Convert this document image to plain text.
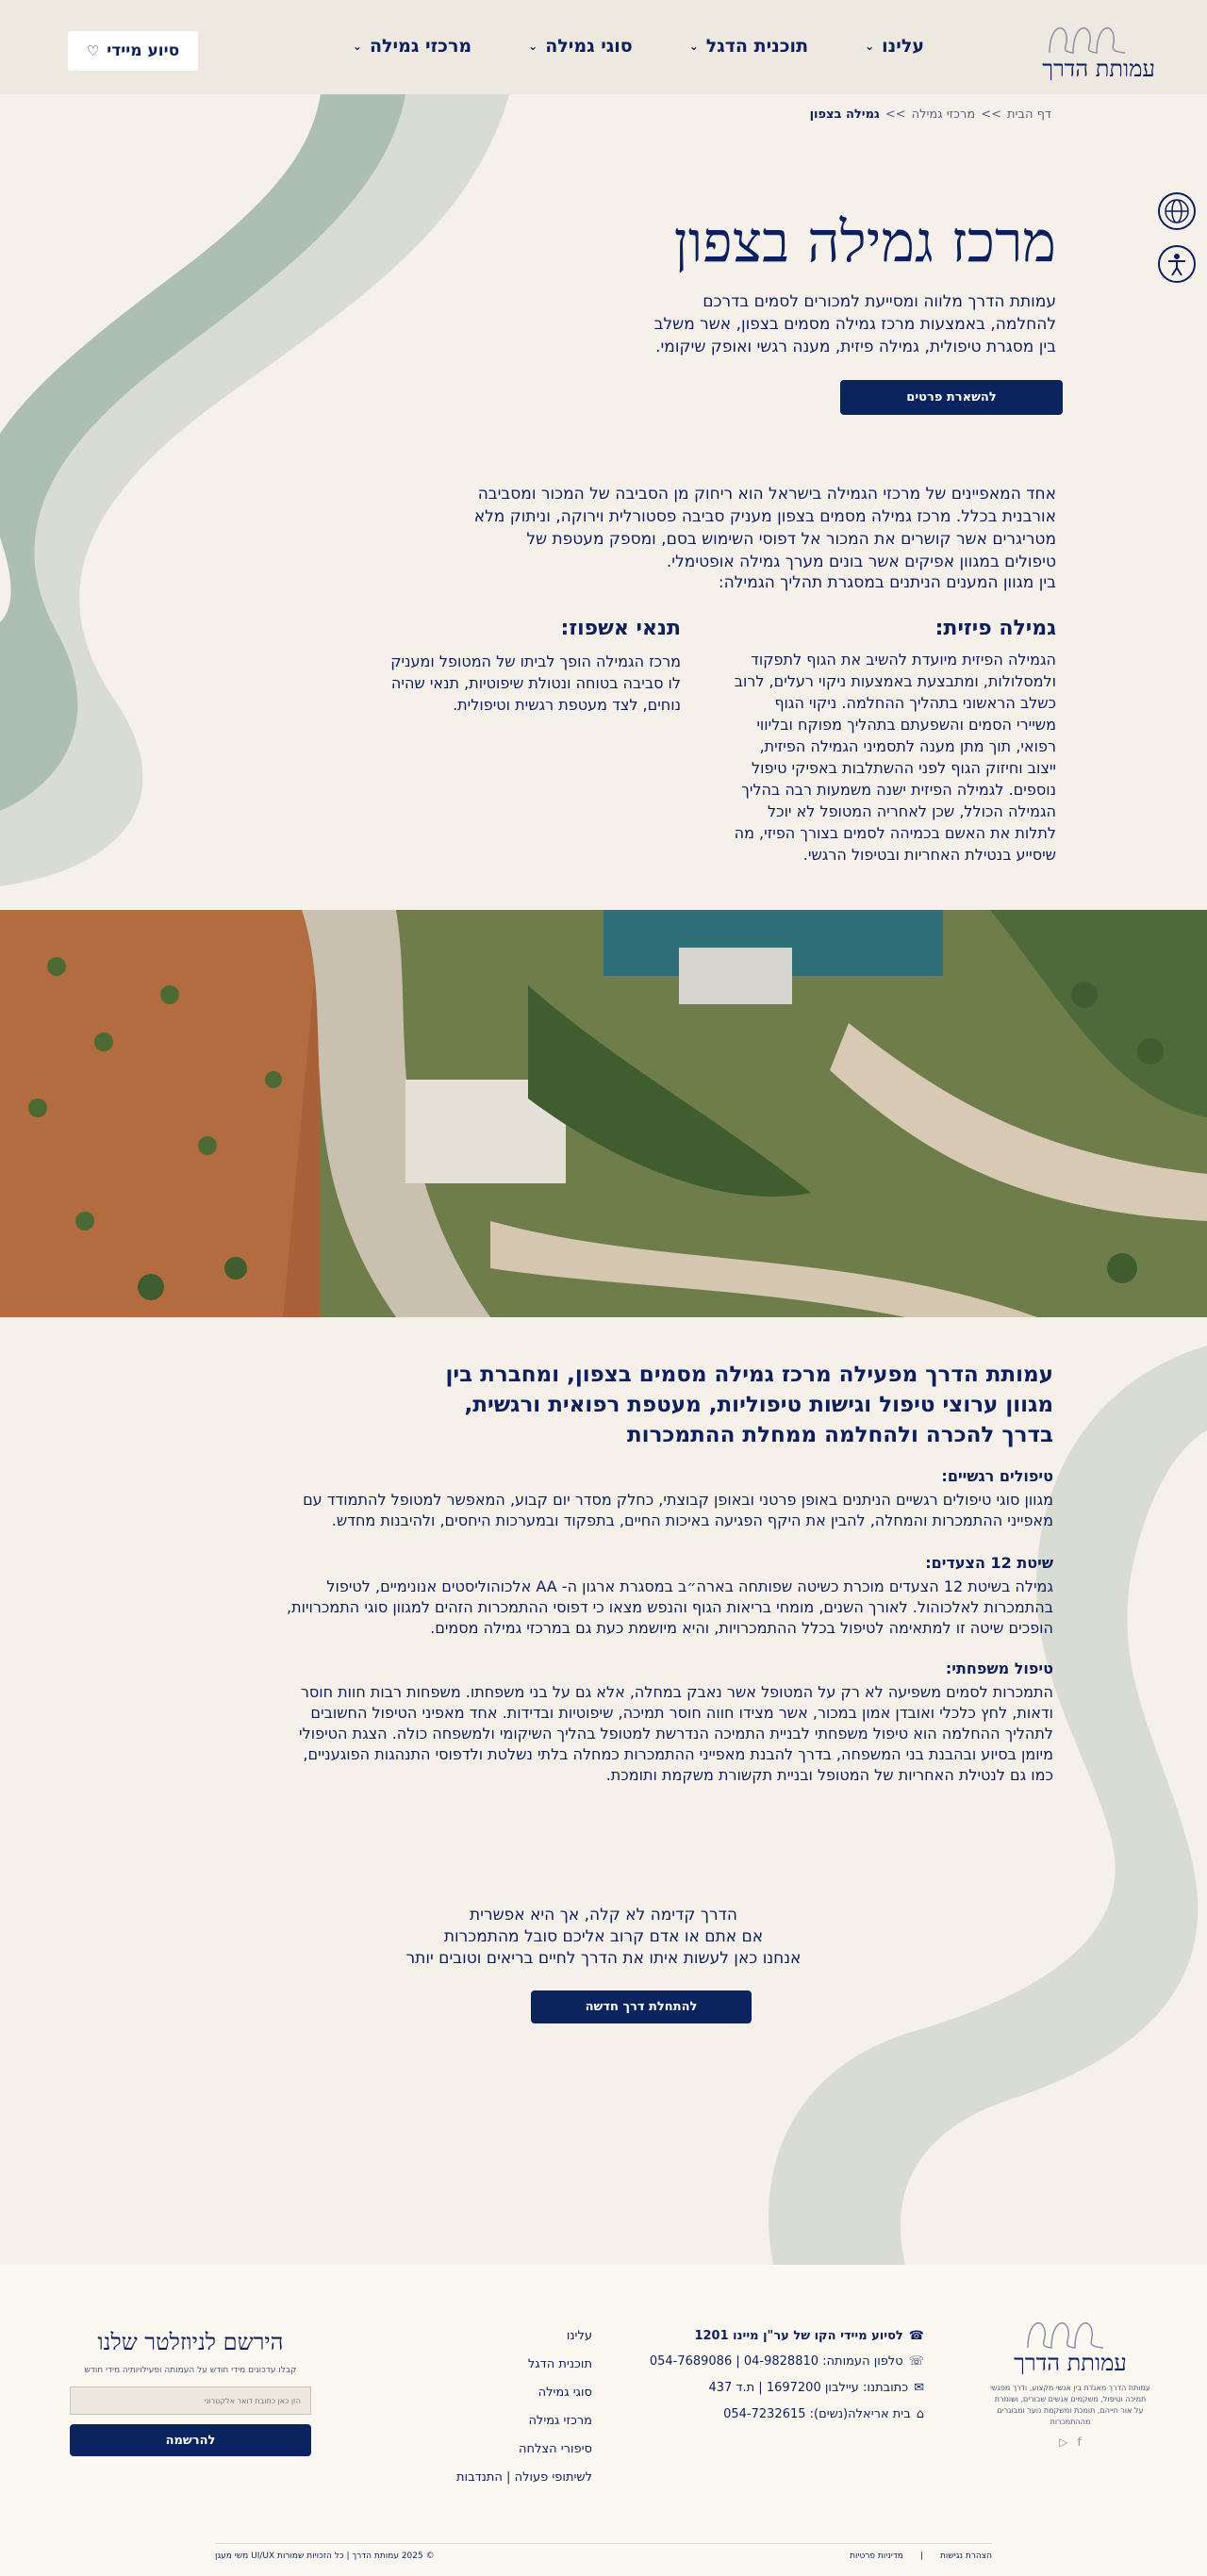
עמותת הדרך
עלינו
⌄
תוכנית הדגל
⌄
סוגי גמילה
⌄
מרכזי גמילה
⌄
סיוע מיידי
♡
דף הבית
>>
מרכזי גמילה
>>
גמילה בצפון
מרכז גמילה בצפון

עמותת הדרך מלווה ומסייעת למכורים לסמים בדרכם להחלמה, באמצעות מרכז גמילה מסמים בצפון, אשר משלב בין מסגרת טיפולית, גמילה פיזית, מענה רגשי ואופק שיקומי.

להשארת פרטים

אחד המאפיינים של מרכזי הגמילה בישראל הוא ריחוק מן הסביבה של המכור ומסביבה אורבנית בכלל. מרכז גמילה מסמים בצפון מעניק סביבה פסטורלית וירוקה, וניתוק מלא מטריגרים אשר קושרים את המכור אל דפוסי השימוש בסם, ומספק מעטפת של טיפולים במגוון אפיקים אשר בונים מערך גמילה אופטימלי.

בין מגוון המענים הניתנים במסגרת תהליך הגמילה:

גמילה פיזית:

הגמילה הפיזית מיועדת להשיב את הגוף לתפקוד ולמסלולות, ומתבצעת באמצעות ניקוי רעלים, לרוב כשלב הראשוני בתהליך ההחלמה. ניקוי הגוף משיירי הסמים והשפעתם בתהליך מפוקח ובליווי רפואי, תוך מתן מענה לתסמיני הגמילה הפיזית, ייצוב וחיזוק הגוף לפני ההשתלבות באפיקי טיפול נוספים. לגמילה הפיזית ישנה משמעות רבה בהליך הגמילה הכולל, שכן לאחריה המטופל לא יוכל לתלות את האשם בכמיהה לסמים בצורך הפיזי, מה שיסייע בנטילת האחריות ובטיפול הרגשי.

תנאי אשפוז:

מרכז הגמילה הופך לביתו של המטופל ומעניק לו סביבה בטוחה ונטולת שיפוטיות, תנאי שהיה נוחים, לצד מעטפת רגשית וטיפולית.

עמותת הדרך מפעילה מרכז גמילה מסמים בצפון, ומחברת בין מגוון ערוצי טיפול וגישות טיפוליות, מעטפת רפואית ורגשית, בדרך להכרה ולהחלמה ממחלת ההתמכרות
טיפולים רגשיים:

מגוון סוגי טיפולים רגשיים הניתנים באופן פרטני ובאופן קבוצתי, כחלק מסדר יום קבוע, המאפשר למטופל להתמודד עם מאפייני ההתמכרות והמחלה, להבין את היקף הפגיעה באיכות החיים, בתפקוד ובמערכות היחסים, ולהיבנות מחדש.

שיטת 12 הצעדים:

גמילה בשיטת 12 הצעדים מוכרת כשיטה שפותחה בארה״ב במסגרת ארגון ה- AA אלכוהוליסטים אנונימיים, לטיפול בהתמכרות לאלכוהול. לאורך השנים, מומחי בריאות הגוף והנפש מצאו כי דפוסי ההתמכרות הזהים למגוון סוגי התמכרויות, הופכים שיטה זו למתאימה לטיפול בכלל ההתמכרויות, והיא מיושמת כעת גם במרכזי גמילה מסמים.

טיפול משפחתי:

התמכרות לסמים משפיעה לא רק על המטופל אשר נאבק במחלה, אלא גם על בני משפחתו. משפחות רבות חוות חוסר ודאות, לחץ כלכלי ואובדן אמון במכור, אשר מצידו חווה חוסר תמיכה, שיפוטיות ובדידות. אחד מאפיני הטיפול החשובים לתהליך ההחלמה הוא טיפול משפחתי לבניית התמיכה הנדרשת למטופל בהליך השיקומי ולמשפחה כולה. הצגת הטיפולי מיומן בסיוע ובהבנת בני המשפחה, בדרך להבנת מאפייני ההתמכרות כמחלה בלתי נשלטת ולדפוסי התנהגות הפוגעניים, כמו גם לנטילת האחריות של המטופל ובניית תקשורת משקמת ותומכת.

הדרך קדימה לא קלה, אך היא אפשרית
אם אתם או אדם קרוב אליכם סובל מהתמכרות
אנחנו כאן לעשות איתו את הדרך לחיים בריאים וטובים יותר
להתחלת דרך חדשה
עמותת הדרך
עמותת הדרך מאגדת בין אנשי מקצוע, ודרך מפגשי תמיכה וטיפול, משקמים אנשים שבורים, ושומרת על אור חייהם, תומכת ומשקמת נוער ומבוגרים מההתמכרות
f
▷
☎
לסיוע מיידי הקו של ער"ן מיינו 1201
☏
טלפון העמותה: 04-9828810 | 054-7689086
✉
כתובתנו: עיילבון 1697200 | ת.ד 437
⌂
בית אריאלה(נשים): 054-7232615
עלינו
תוכנית הדגל
סוגי גמילה
מרכזי גמילה
סיפורי הצלחה
לשיתופי פעולה | התנדבות
הירשם לניוזלטר שלנו
קבלו עדכונים מידי חודש על העמותה ופעילויותיה מידי חודש
הזן כאן כתובת דואר אלקטרוני להרשמה
הצהרת נגישות
|
מדיניות פרטיות
© 2025 עמותת הדרך | כל הזכויות שמורות UI/UX משי מעגן
